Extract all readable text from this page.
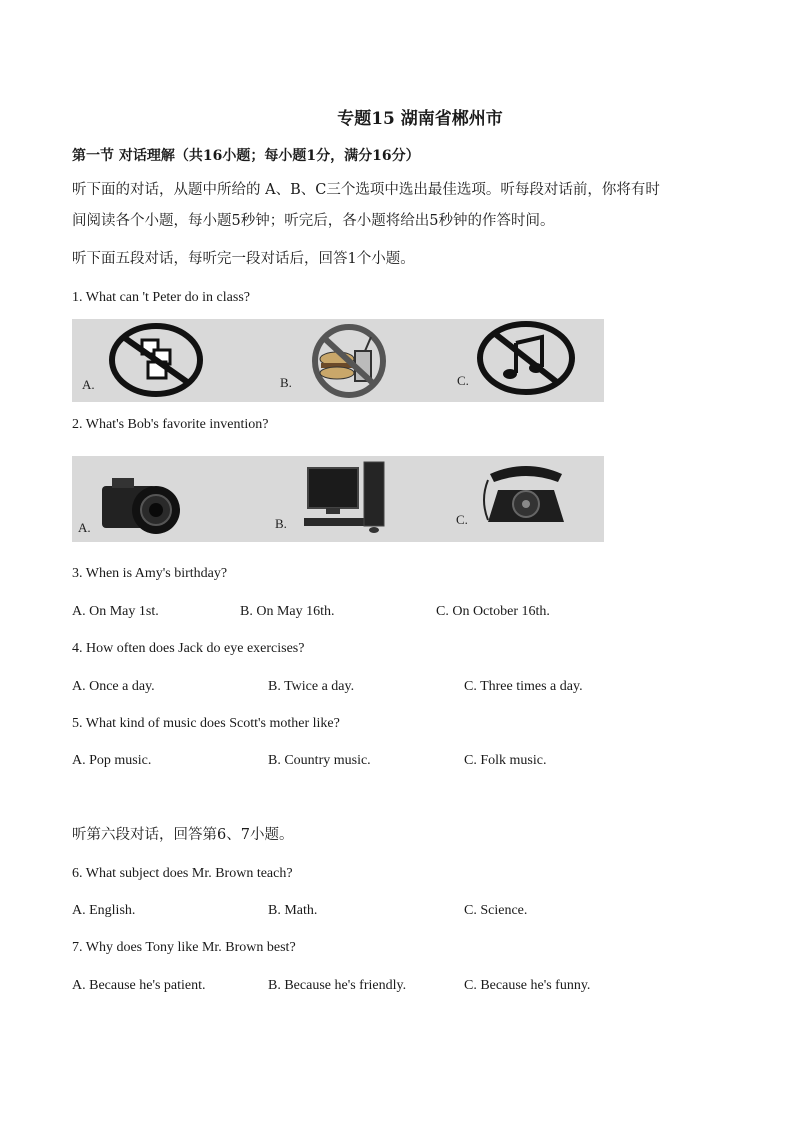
专题15 湖南省郴州市
第一节 对话理解（共16小题；每小题1分，满分16分）
听下面的对话，从题中所给的 A、B、C三个选项中选出最佳选项。听每段对话前，你将有时
间阅读各个小题，每小题5秒钟；听完后，各小题将给出5秒钟的作答时间。
听下面五段对话，每听完一段对话后，回答1个小题。
1. What can 't Peter do in class?
A.	B.	C.
2. What's Bob's favorite invention?
A.	B.	C.
3. When is Amy's birthday?
A. On May 1st.	B. On May 16th.	C. On October 16th.
4. How often does Jack do eye exercises?
A. Once a day.	B. Twice a day.	C. Three times a day.
5. What kind of music does Scott's mother like?
A. Pop music.	B. Country music.	C. Folk music.
听第六段对话，回答第6、7小题。
6. What subject does Mr. Brown teach?
A. English.	B. Math.	C. Science.
7. Why does Tony like Mr. Brown best?
A. Because he's patient.	B. Because he's friendly.	C. Because he's funny.
